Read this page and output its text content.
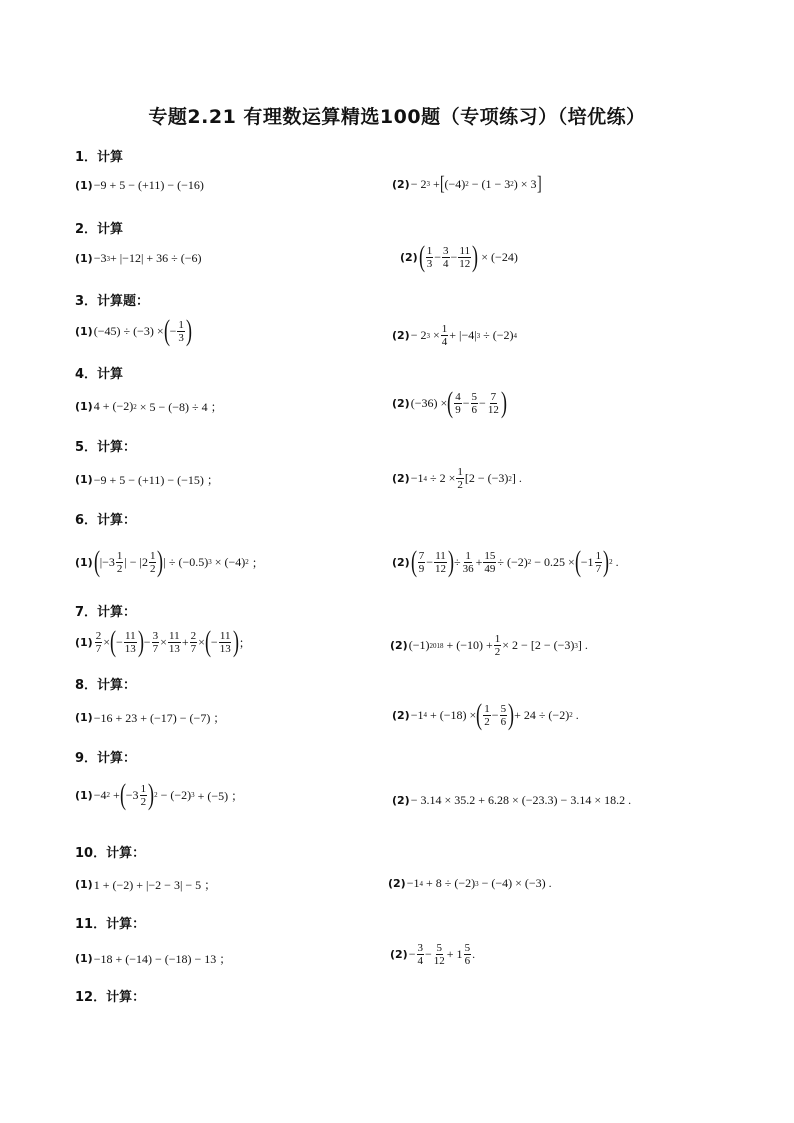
专题2.21 有理数运算精选100题（专项练习）（培优练）
1．计算
(1) −9 + 5 − (+11) − (−16)	(2) − 2 3 + [ (−4) 2 − (1 − 3 2 ) × 3 ]
2．计算
(1) −3 3 + |−12| + 36 ÷ (−6)	(2) ( $\frac{1}{3} - \frac{3}{4} - \frac{11}{12}$ ) × (−24)
3．计算题：
(1) (−45) ÷ (−3) × ( − $\frac{1}{3}$ )	(2) − 2 $3 \times \frac{1}{4} + |-4|$ 3 ÷ (−2) 4
4．计算
(1) 4 + (−2) 2 × 5 − (−8) ÷ 4 ；	(2) (−36) × ( $\frac{4}{9} - \frac{5}{6} - \frac{7}{12}$ )
5．计算：
(1) −9 + 5 − (+11) − (−15) ；	(2) −1 $4 \div 2 \times \frac{1}{2} [2 - (-3)$ 2 ] .
6．计算：
(1) ( $|-3 \frac{1}{2}$ | − $|2 \frac{1}{2}$ ) | ÷ (−0.5) 3 × (−4) 2 ；	(2) ( $\frac{7}{9} - \frac{11}{12}$ ) ÷ $\frac{1}{36} + \frac{15}{49} \div (-2) 2 - 0.25$ × ( $-1 \frac{1}{7}$ ) 2 .
7．计算：
$(1) \frac{2}{7}$ × ( − $\frac{11}{13}$ ) − $\frac{3}{7} \times \frac{11}{13} + \frac{2}{7}$ × ( − $\frac{11}{13}$ ) ；	(2) (−1) $2018 + (-10) + \frac{1}{2} \times 2 - [2 - (-3)$ 3 ] .
8．计算：
(1) −16 + 23 + (−17) − (−7) ；	(2) −1 4 + (−18) × ( $\frac{1}{2} - \frac{5}{6}$ ) + 24 ÷ (−2) 2 .
9．计算：
(1) −4 2 + ( $-3 \frac{1}{2}$ ) 2 − (−2) 3 + (−5) ；	(2) − 3.14 × 35.2 + 6.28 × (−23.3) − 3.14 × 18.2 .
10．计算：
(1) 1 + (−2) + |−2 − 3| − 5 ；	(2) −1 4 + 8 ÷ (−2) 3 − (−4) × (−3) .
11．计算：
(1) −18 + (−14) − (−18) − 13 ；	$(2) - \frac{3}{4} - \frac{5}{12} + 1 \frac{5}{6}$ .
12．计算：
